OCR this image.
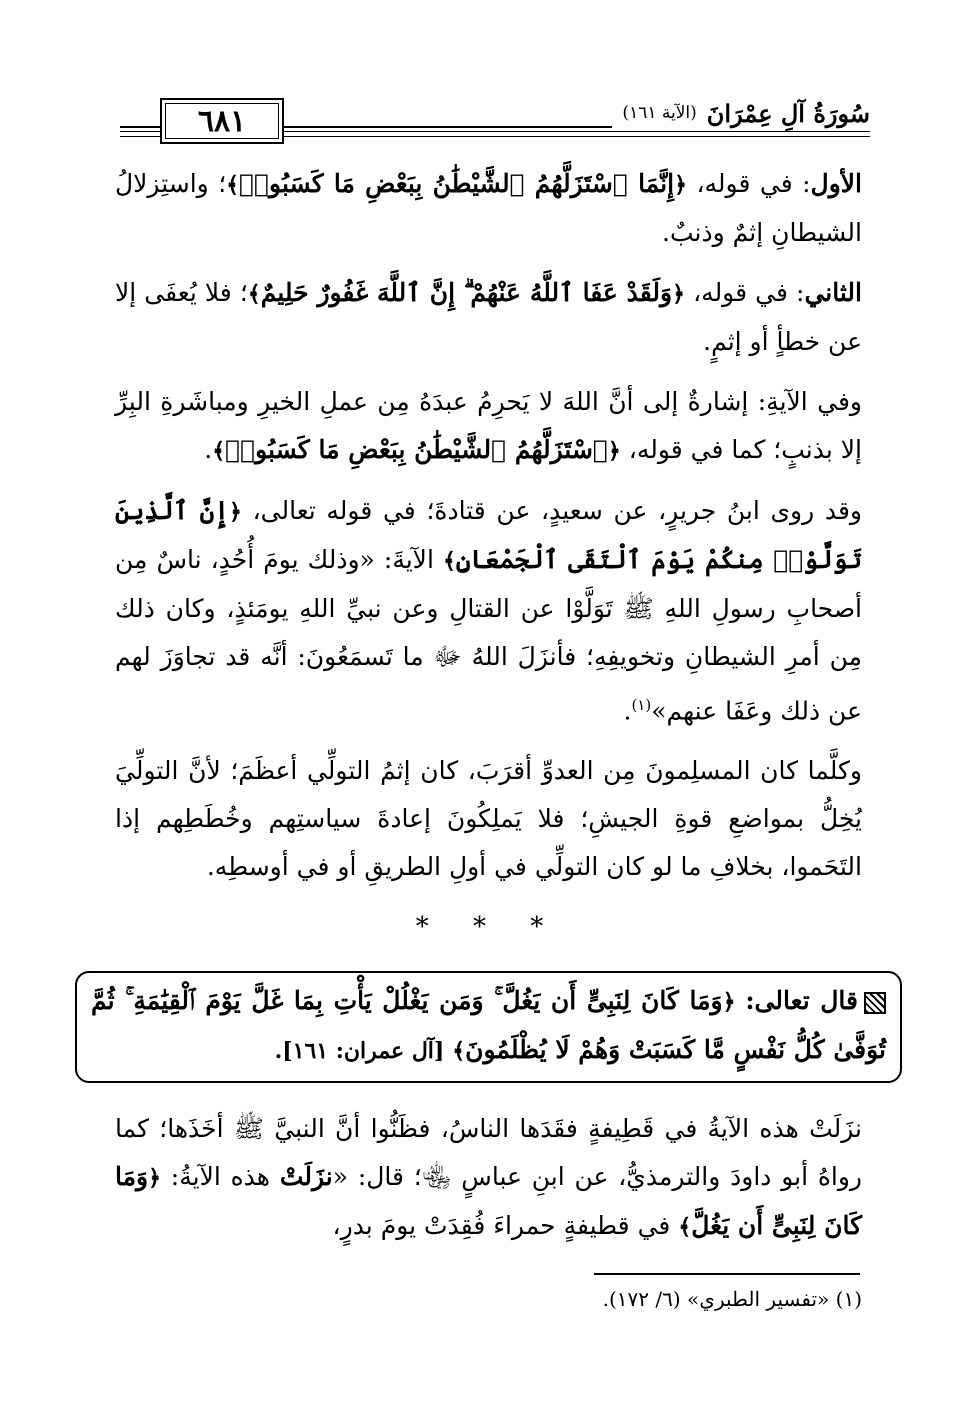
٦٨١	سُورَةُ آلِ عِمْرَانَ
(الآية ١٦١)

الأول: في قوله، ﴿إِنَّمَا ٱسْتَزَلَّهُمُ ٱلشَّيْطَٰنُ بِبَعْضِ مَا كَسَبُوا۟﴾؛ واستِزلالُ الشيطانِ إثمٌ وذنبٌ.

الثاني: في قوله، ﴿وَلَقَدْ عَفَا ٱللَّهُ عَنْهُمْ ۗ إِنَّ ٱللَّهَ غَفُورٌ حَلِيمٌ﴾؛ فلا يُعفَى إلا عن خطأٍ أو إثمٍ.

وفي الآيةِ: إشارةٌ إلى أنَّ اللهَ لا يَحرِمُ عبدَهُ مِن عملِ الخيرِ ومباشَرةِ البِرِّ إلا بذنبٍ؛ كما في قوله، ﴿ٱسْتَزَلَّهُمُ ٱلشَّيْطَٰنُ بِبَعْضِ مَا كَسَبُوا۟﴾.

وقد روى ابنُ جريرٍ، عن سعيدٍ، عن قتادةَ؛ في قوله تعالى، ﴿إِنَّ ٱلَّذِينَ تَوَلَّوْا۟ مِنكُمْ يَوْمَ ٱلْتَقَى ٱلْجَمْعَانِ﴾ الآيةَ: «وذلك يومَ أُحُدٍ، ناسٌ مِن أصحابِ رسولِ اللهِ ﷺ تَوَلَّوْا عن القتالِ وعن نبيِّ اللهِ يومَئذٍ، وكان ذلك مِن أمرِ الشيطانِ وتخويفِهِ؛ فأنزَلَ اللهُ ﷻ ما تَسمَعُونَ: أنَّه قد تجاوَزَ لهم عن ذلك وعَفَا عنهم»$^{(١)}$.

وكلَّما كان المسلِمونَ مِن العدوِّ أقرَبَ، كان إثمُ التولِّي أعظَمَ؛ لأنَّ التولِّيَ يُخِلُّ بمواضعِ قوةِ الجيشِ؛ فلا يَملِكُونَ إعادةَ سياستِهم وخُطَطِهم إذا التَحَموا، بخلافِ ما لو كان التولِّي في أولِ الطريقِ أو في أوسطِه.

* * *
قال تعالى: ﴿وَمَا كَانَ لِنَبِىٍّ أَن يَغُلَّ ۚ وَمَن يَغْلُلْ يَأْتِ بِمَا غَلَّ يَوْمَ ٱلْقِيَٰمَةِ ۚ ثُمَّ تُوَفَّىٰ كُلُّ نَفْسٍ مَّا كَسَبَتْ وَهُمْ لَا يُظْلَمُونَ﴾ [آل عمران: ١٦١].

نزَلَتْ هذه الآيةُ في قَطِيفةٍ فقَدَها الناسُ، فظَنُّوا أنَّ النبيَّ ﷺ أخَذَها؛ كما رواهُ أبو داودَ والترمذيُّ، عن ابنِ عباسٍ ﵄؛ قال: «نزَلَتْ هذه الآيةُ: ﴿وَمَا كَانَ لِنَبِىٍّ أَن يَغُلَّ﴾ في قطيفةٍ حمراءَ فُقِدَتْ يومَ بدرٍ،

(١) «تفسير الطبري» (٦/ ١٧٢).
